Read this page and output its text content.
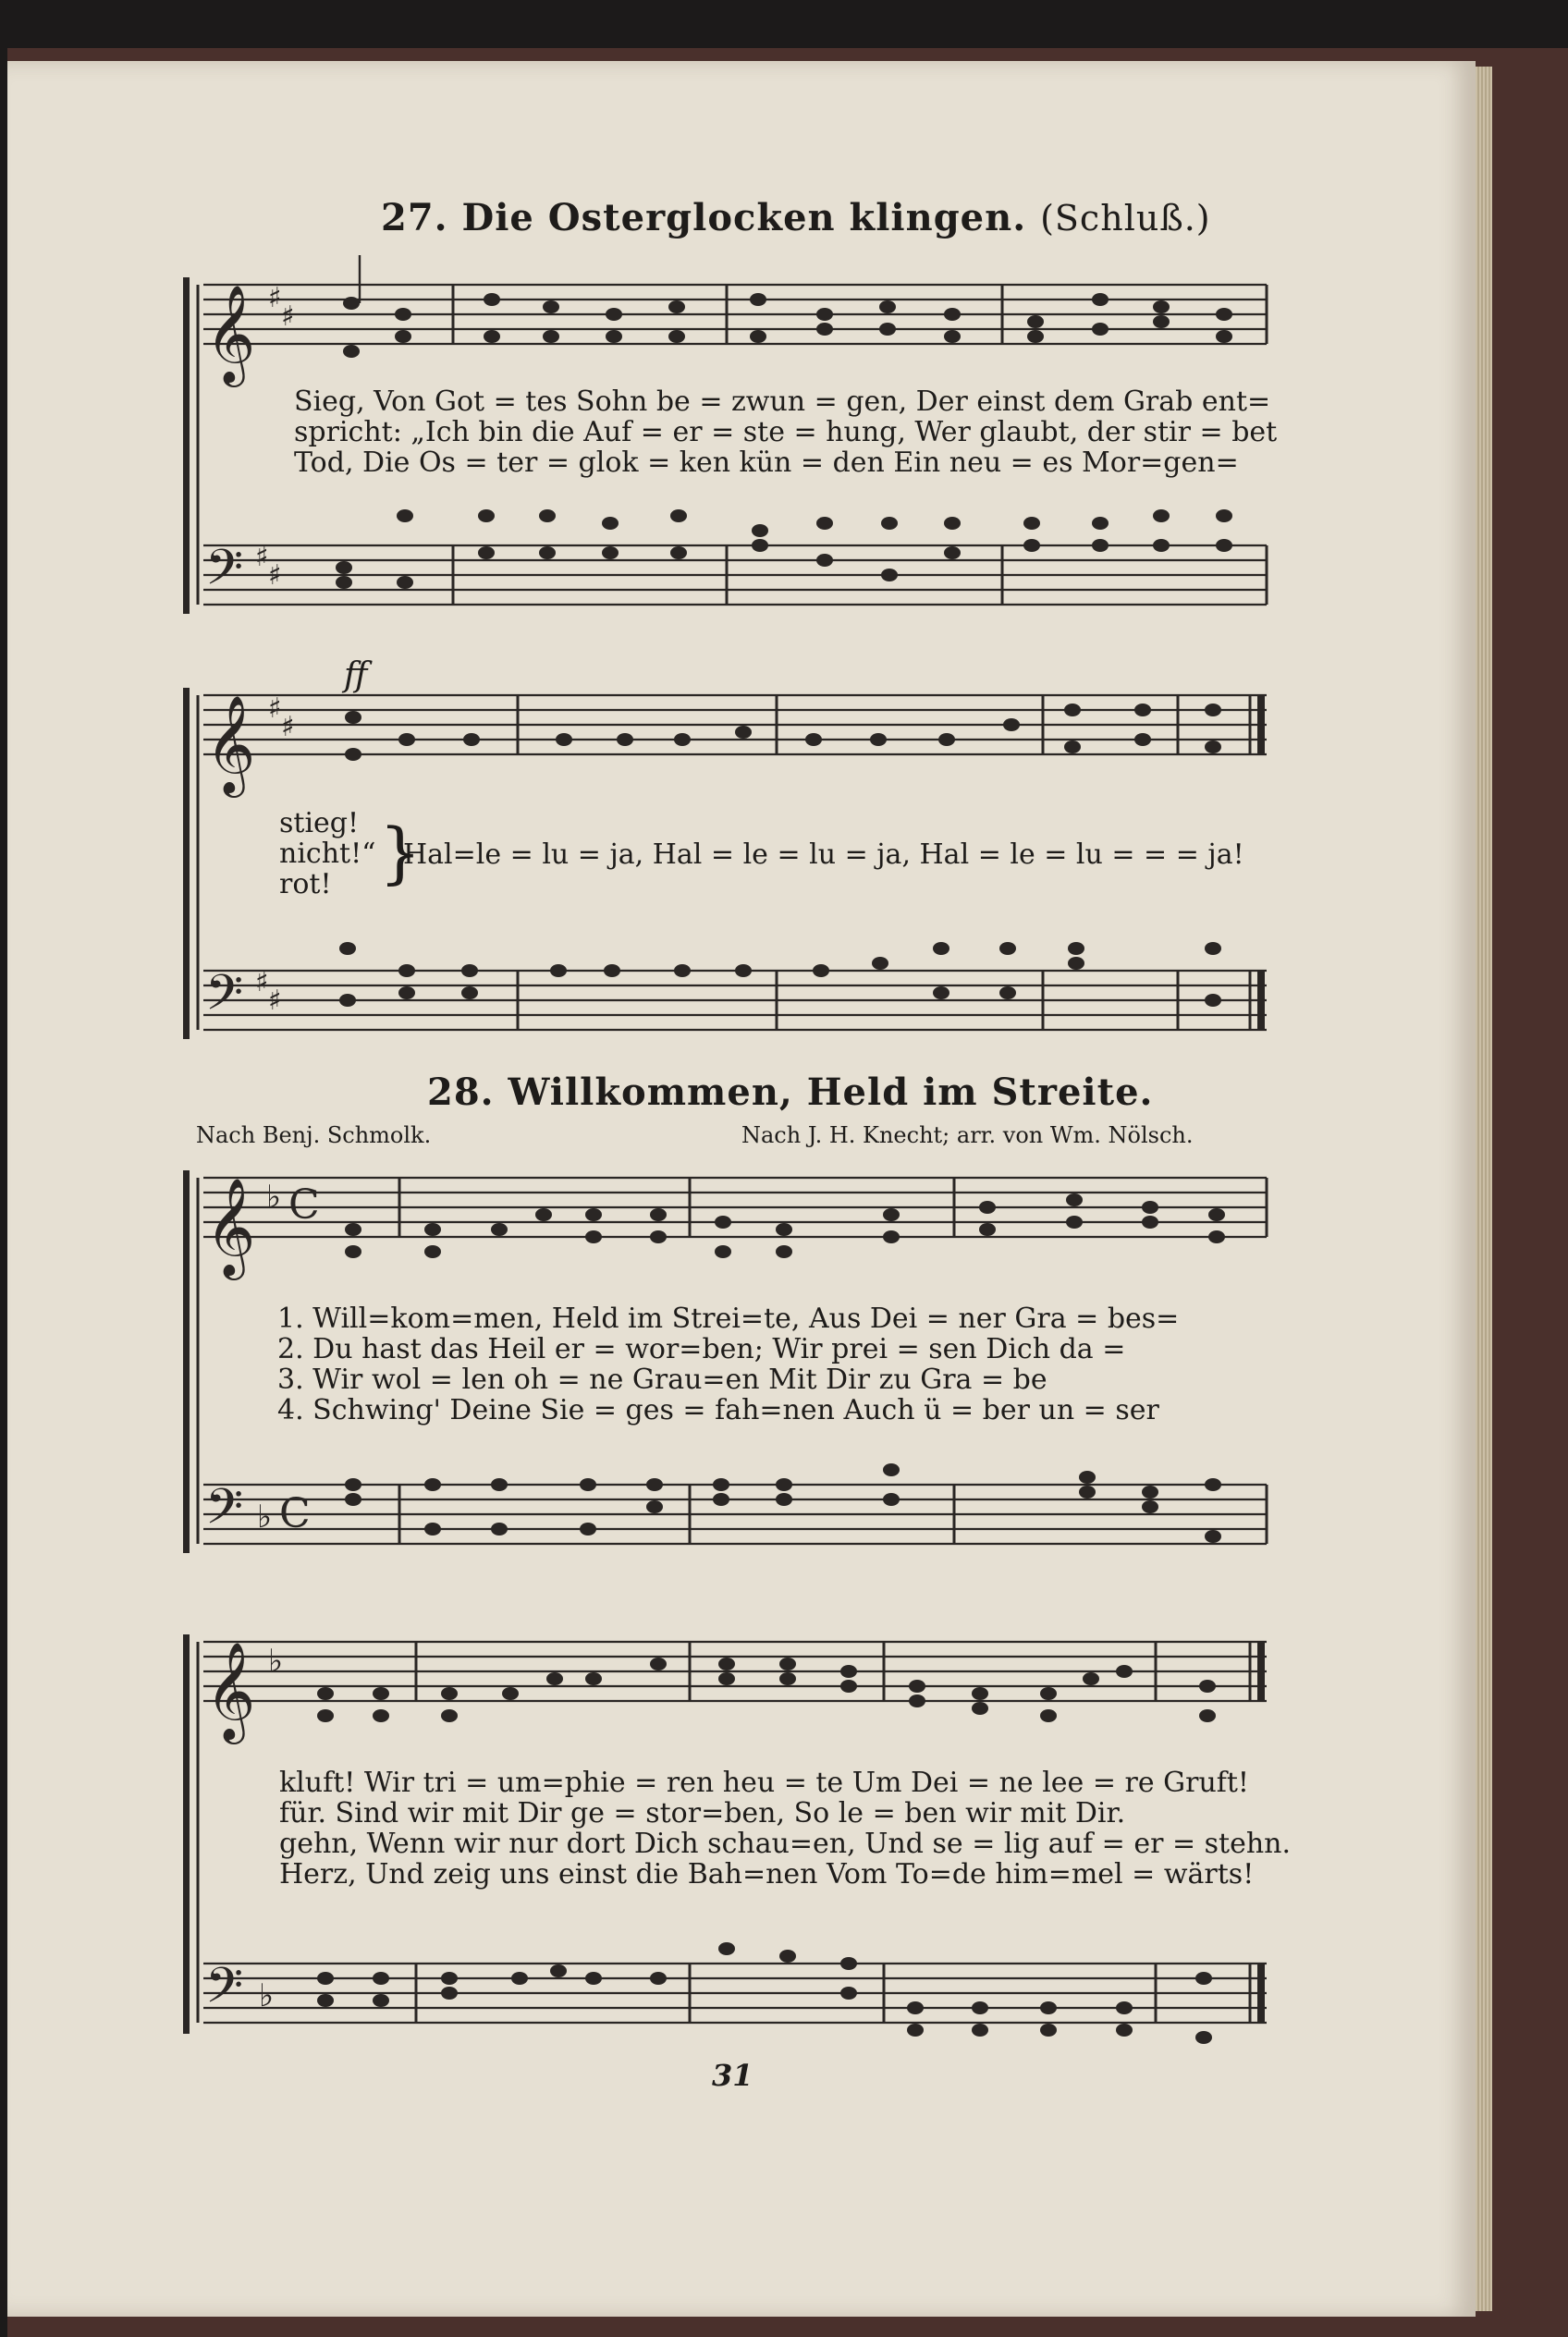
𝄞 ♯
♯
𝄢 ♯
♯
𝄞 ♯
♯
𝄢 ♯
♯
𝄞 ♭ C
𝄢 ♭ C
𝄞 ♭
𝄢 ♭
27. Die Osterglocken klingen. (Schluß.)
Sieg, Von Got = tes Sohn be = zwun = gen, Der einst dem Grab ent=
spricht: „Ich bin die Auf = er = ste = hung, Wer glaubt, der stir = bet
Tod, Die Os = ter = glok = ken kün = den Ein neu = es Mor=gen=
ff
stieg!
nicht!“
rot! }
Hal=le = lu = ja, Hal = le = lu = ja, Hal = le = lu = = = ja!
28. Willkommen, Held im Streite.
Nach Benj. Schmolk.	Nach J. H. Knecht; arr. von Wm. Nölsch.
1. Will=kom=men, Held im Strei=te, Aus Dei = ner Gra = bes=
2. Du hast das Heil er = wor=ben; Wir prei = sen Dich da =
3. Wir wol = len oh = ne Grau=en Mit Dir zu Gra = be
4. Schwing' Deine Sie = ges = fah=nen Auch ü = ber un = ser
kluft! Wir tri = um=phie = ren heu = te Um Dei = ne lee = re Gruft!
für. Sind wir mit Dir ge = stor=ben, So le = ben wir mit Dir.
gehn, Wenn wir nur dort Dich schau=en, Und se = lig auf = er = stehn.
Herz, Und zeig uns einst die Bah=nen Vom To=de him=mel = wärts!
31
